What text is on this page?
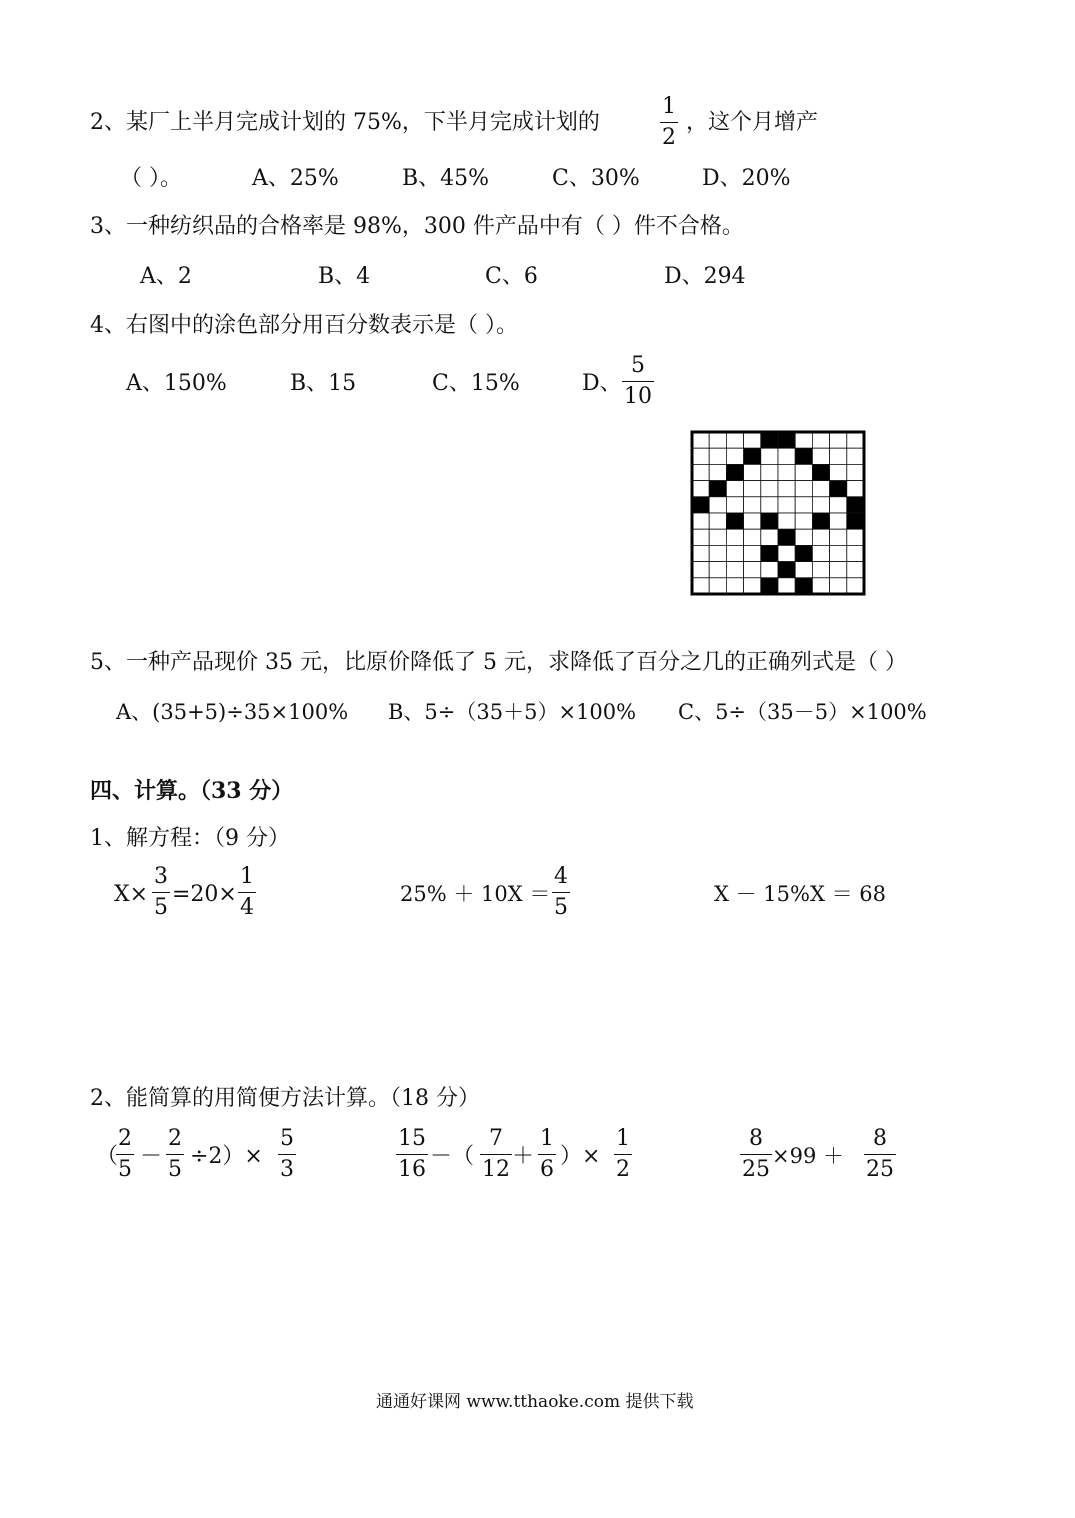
2、某厂上半月完成计划的 75%，下半月完成计划的
1
2
，这个月增产
（ ）。	A、25%	B、45%	C、30%	D、20%
3、一种纺织品的合格率是 98%，300 件产品中有（ ）件不合格。
A、2	B、4	C、6	D、294
4、右图中的涂色部分用百分数表示是（ ）。
A、150%	B、15	C、15%	D、
5
10
5、一种产品现价 35 元，比原价降低了 5 元，求降低了百分之几的正确列式是（ ）
A、(35+5)÷35×100% B、5÷（35＋5）×100% C、5÷（35－5）×100%
四、计算。（33 分）
1、解方程：（9 分）
X×
3
5
=20×
1
4
25% ＋ 10X ＝
4
5
X － 15%X ＝ 68
2、能简算的用简便方法计算。（18 分）
（
2
5
－
2
5
÷2）×
5
3
15
16
－（
7
12
＋
1
6
）×
1
2
8
25
×99 ＋
8
25
通通好课网 www.tthaoke.com 提供下载
